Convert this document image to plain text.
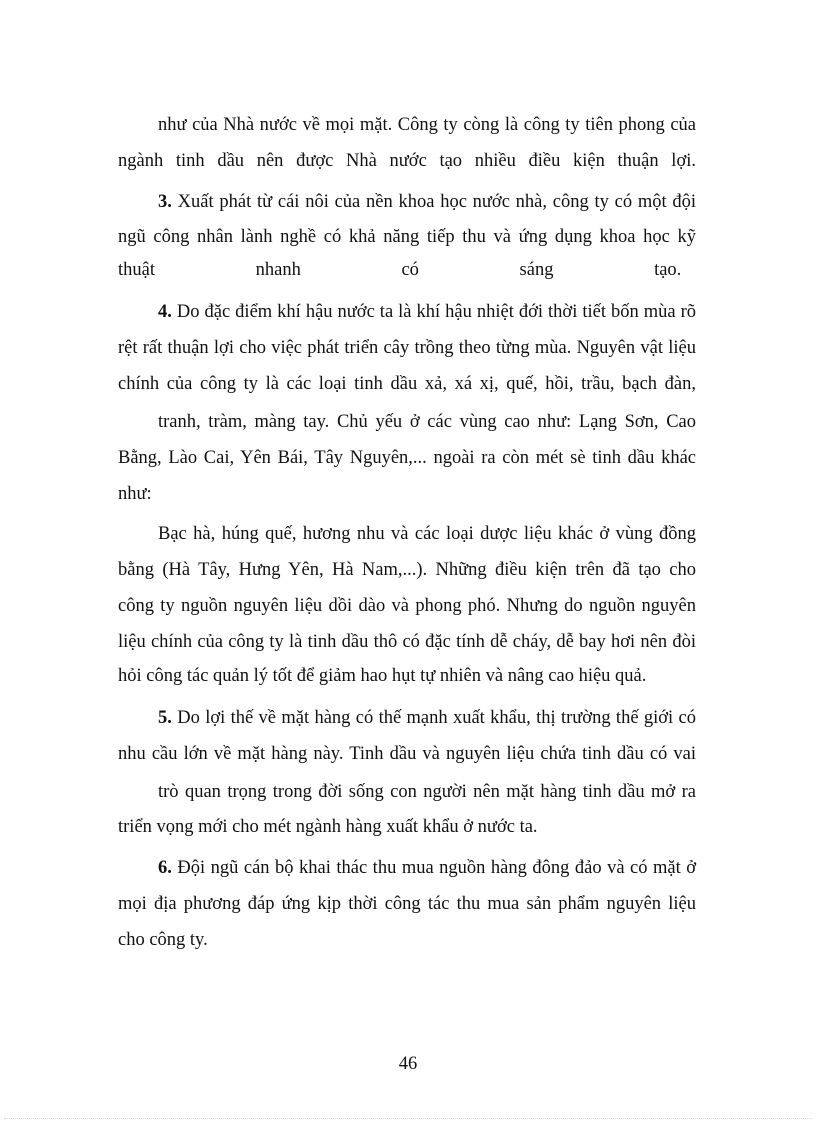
như của Nhà nước về mọi mặt. Công ty còng là công ty tiên phong của
ngành tinh dầu nên được Nhà nước tạo nhiều điều kiện thuận lợi.
3. Xuất phát từ cái nôi của nền khoa học nước nhà, công ty có một đội
ngũ công nhân lành nghề có khả năng tiếp thu và ứng dụng khoa học kỹ
thuật nhanh có sáng tạo.
4. Do đặc điểm khí hậu nước ta là khí hậu nhiệt đới thời tiết bốn mùa rõ
rệt rất thuận lợi cho việc phát triển cây trồng theo từng mùa. Nguyên vật liệu
chính của công ty là các loại tinh dầu xả, xá xị, quế, hồi, trầu, bạch đàn,
tranh, tràm, màng tay. Chủ yếu ở các vùng cao như: Lạng Sơn, Cao
Bằng, Lào Cai, Yên Bái, Tây Nguyên,... ngoài ra còn mét sè tinh dầu khác
như:
Bạc hà, húng quế, hương nhu và các loại dược liệu khác ở vùng đồng
bằng (Hà Tây, Hưng Yên, Hà Nam,...). Những điều kiện trên đã tạo cho
công ty nguồn nguyên liệu dồi dào và phong phó. Nhưng do nguồn nguyên
liệu chính của công ty là tinh dầu thô có đặc tính dễ cháy, dễ bay hơi nên đòi
hỏi công tác quản lý tốt để giảm hao hụt tự nhiên và nâng cao hiệu quả.
5. Do lợi thế về mặt hàng có thế mạnh xuất khẩu, thị trường thế giới có
nhu cầu lớn về mặt hàng này. Tinh dầu và nguyên liệu chứa tinh dầu có vai
trò quan trọng trong đời sống con người nên mặt hàng tinh dầu mở ra
triển vọng mới cho mét ngành hàng xuất khẩu ở nước ta.
6. Đội ngũ cán bộ khai thác thu mua nguồn hàng đông đảo và có mặt ở
mọi địa phương đáp ứng kịp thời công tác thu mua sản phẩm nguyên liệu
cho công ty.
46
